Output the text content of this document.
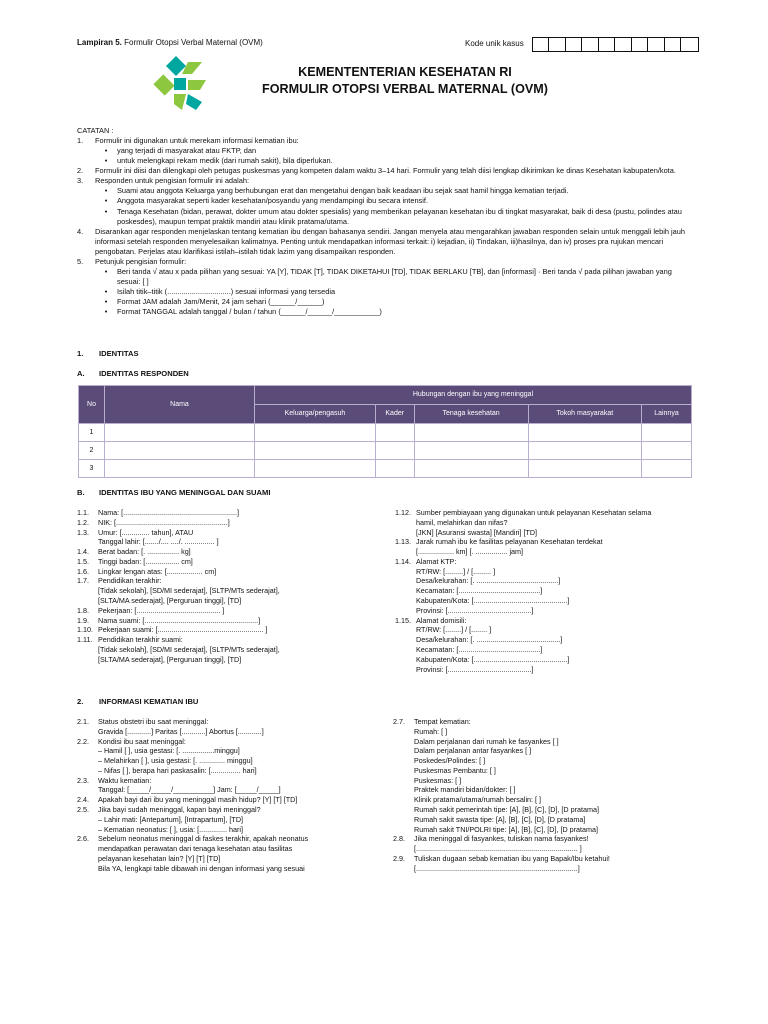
Lampiran 5. Formulir Otopsi Verbal Maternal (OVM)	Kode unik kasus
KEMENTENTERIAN KESEHATAN RI
FORMULIR OTOPSI VERBAL MATERNAL (OVM)
CATATAN :
1.	Formulir ini digunakan untuk merekam informasi kematian ibu:
•	yang terjadi di masyarakat atau FKTP, dan
•	untuk melengkapi rekam medik (dari rumah sakit), bila diperlukan.
2.	Formulir ini diisi dan dilengkapi oleh petugas puskesmas yang kompeten dalam waktu 3–14 hari. Formulir yang telah diisi lengkap dikirimkan ke dinas Kesehatan kabupaten/kota.
3.	Responden untuk pengisian formulir ini adalah:
•	Suami atau anggota Keluarga yang berhubungan erat dan mengetahui dengan baik keadaan ibu sejak saat hamil hingga kematian terjadi.
•	Anggota masyarakat seperti kader kesehatan/posyandu yang mendampingi ibu secara intensif.
•	Tenaga Kesehatan (bidan, perawat, dokter umum atau dokter spesialis) yang memberikan pelayanan kesehatan ibu di tingkat masyarakat, baik di desa (pustu, polindes atau poskesdes), maupun tempat praktik mandiri atau klinik pratama/utama.
4.	Disarankan agar responden menjelaskan tentang kematian ibu dengan bahasanya sendiri. Jangan menyela atau mengarahkan jawaban responden selain untuk menggali lebih jauh informasi setelah responden menyelesaikan kalimatnya. Penting untuk mendapatkan informasi terkait: i) kejadian, ii) Tindakan, iii)hasilnya, dan iv) proses pra rujukan mencari pengobatan. Perjelas atau klarifikasi istilah–istilah tidak lazim yang disampaikan responden.
5.	Petunjuk pengisian formulir:
•	Beri tanda √ atau x pada pilihan yang sesuai: YA [Y], TIDAK [T], TIDAK DIKETAHUI [TD], TIDAK BERLAKU [TB], dan [informasi] · Beri tanda √ pada pilihan jawaban yang sesuai: [ ]
•	Isilah titik–titik (...............................) sesuai informasi yang tersedia
•	Format JAM adalah Jam/Menit, 24 jam sehari (______/______)
•	Format TANGGAL adalah tanggal / bulan / tahun (______/______/___________)
1. IDENTITAS
A. IDENTITAS RESPONDEN
No	Nama	Hubungan dengan ibu yang meninggal				
		Keluarga/pengasuh	Kader	Tenaga kesehatan	Tokoh masyarakat	Lainnya
1						
2						
3						
B. IDENTITAS IBU YANG MENINGGAL DAN SUAMI
1.1.	Nama: [.........................................................]
1.2.	NIK: [........................................................]
1.3.	Umur: [.............. tahun], ATAU
Tanggal lahir: [......./.... ..../. ............... ]
1.4.	Berat badan: [. ................ kg]
1.5.	Tinggi badan: [................. cm]
1.6.	Lingkar lengan atas: [.................. cm]
1.7.	Pendidikan terakhir:
[Tidak sekolah], [SD/MI sederajat], [SLTP/MTs sederajat],
[SLTA/MA sederajat], [Perguruan tinggi], [TD]
1.8.	Pekerjaan: [.......................................... ]
1.9.	Nama suami: [.........................................................]
1.10. Pekerjaan suami: [..................................................... ]
1.11. Pendidikan terakhir suami:
[Tidak sekolah], [SD/MI sederajat], [SLTP/MTs sederajat],
[SLTA/MA sederajat], [Perguruan tinggi], [TD]
1.12. Sumber pembiayaan yang digunakan untuk pelayanan Kesehatan selama
hamil, melahirkan dan nifas?
[JKN] [Asuransi swasta] [Mandiri] [TD]
1.13. Jarak rumah ibu ke fasilitas pelayanan Kesehatan terdekat
[.................. km] [. ................ jam]
1.14. Alamat KTP:
RT/RW: [.........] / [......... ]
Desa/kelurahan: [. .........................................]
Kecamatan: [.........................................]
Kabupaten/Kota: [...............................................]
Provinsi: [..........................................]
1.15. Alamat domisili:
RT/RW: [........] / [........ ]
Desa/kelurahan: [. ..........................................]
Kecamatan: [.........................................]
Kabupaten/Kota: [...............................................]
Provinsi: [..........................................]
2. INFORMASI KEMATIAN IBU
2.1.	Status obstetri ibu saat meninggal:
Gravida [............] Paritas [............] Abortus [............]
2.2.	Kondisi ibu saat meninggal:
– Hamil [ ], usia gestasi: [. ................minggu]
– Melahirkan [ ], usia gestasi: [. ............. minggu]
– Nifas [ ], berapa hari paskasalin: [............... hari]
2.3.	Waktu kematian:
Tanggal: [_____/_____/__________] Jam: [_____/_____]
2.4.	Apakah bayi dari ibu yang meninggal masih hidup? [Y] [T] [TD]
2.5.	Jika bayi sudah meninggal, kapan bayi meninggal?
– Lahir mati: [Antepartum], [Intrapartum], [TD]
– Kematian neonatus: [ ], usia: [.............. hari]
2.6.	Sebelum neonatus meninggal di faskes terakhir, apakah neonatus
mendapatkan perawatan dari tenaga kesehatan atau fasilitas
pelayanan kesehatan lain? [Y] [T] [TD]
Bila YA, lengkapi table dibawah ini dengan informasi yang sesuai
2.7.	Tempat kematian:
Rumah: [ ]
Dalam perjalanan dari rumah ke fasyankes [ ]
Dalam perjalanan antar fasyankes [ ]
Poskedes/Polindes: [ ]
Puskesmas Pembantu: [ ]
Puskesmas: [ ]
Praktek mandiri bidan/dokter: [ ]
Klinik pratama/utama/rumah bersalin: [ ]
Rumah sakit pemerintah tipe: [A], [B], [C], [D], [D pratama]
Rumah sakit swasta tipe: [A], [B], [C], [D], [D pratama]
Rumah sakit TNI/POLRI tipe: [A], [B], [C], [D], [D pratama]
2.8.	Jika meninggal di fasyankes, tuliskan nama fasyankes!
[................................................................................. ]
2.9.	Tuliskan dugaan sebab kematian ibu yang Bapak/Ibu ketahui!
[.................................................................................]
